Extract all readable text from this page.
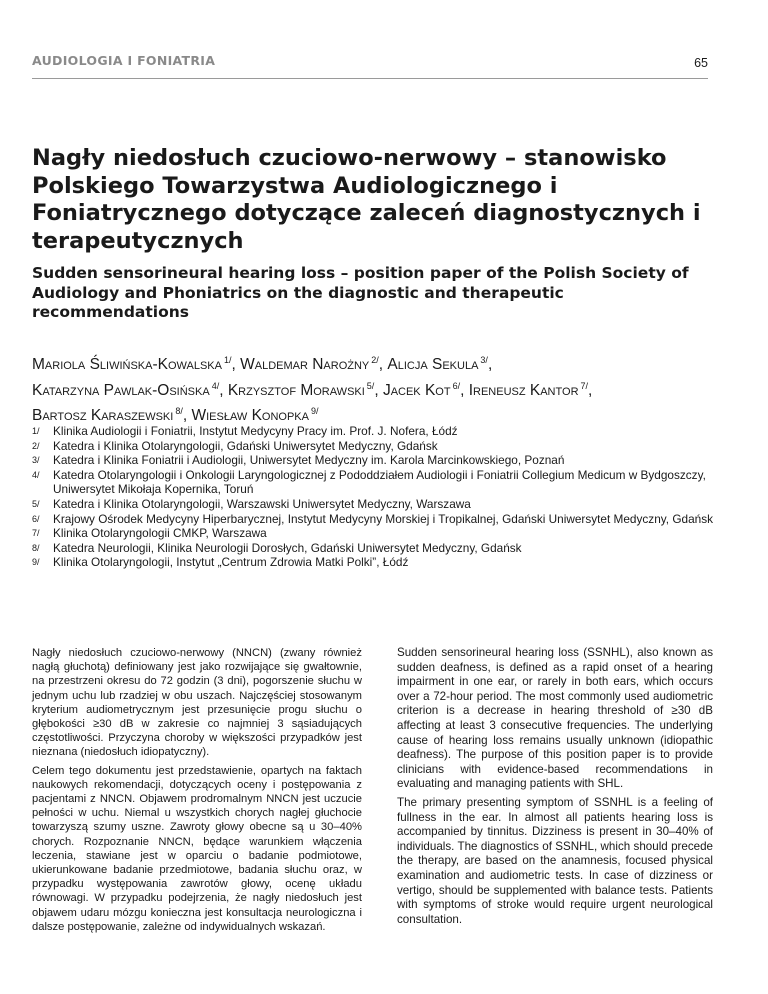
AUDIOLOGIA I FONIATRIA	65
Nagły niedosłuch czuciowo-nerwowy – stanowisko Polskiego Towarzystwa Audiologicznego i Foniatrycznego dotyczące zaleceń diagnostycznych i terapeutycznych
Sudden sensorineural hearing loss – position paper of the Polish Society of Audiology and Phoniatrics on the diagnostic and therapeutic recommendations
Mariola Śliwińska-Kowalska $^{1/}$, Waldemar Narożny $^{2/}$, Alicja Sekula $^{3/}$,
Katarzyna Pawlak-Osińska $^{4/}$, Krzysztof Morawski $^{5/}$, Jacek Kot $^{6/}$, Ireneusz Kantor $^{7/}$,
Bartosz Karaszewski $^{8/}$, Wiesław Konopka $^{9/}$
1/ Klinika Audiologii i Foniatrii, Instytut Medycyny Pracy im. Prof. J. Nofera, Łódź
2/ Katedra i Klinika Otolaryngologii, Gdański Uniwersytet Medyczny, Gdańsk
3/ Katedra i Klinika Foniatrii i Audiologii, Uniwersytet Medyczny im. Karola Marcinkowskiego, Poznań
4/ Katedra Otolaryngologii i Onkologii Laryngologicznej z Pododdziałem Audiologii i Foniatrii Collegium Medicum w Bydgoszczy, Uniwersytet Mikołaja Kopernika, Toruń
5/ Katedra i Klinika Otolaryngologii, Warszawski Uniwersytet Medyczny, Warszawa
6/ Krajowy Ośrodek Medycyny Hiperbarycznej, Instytut Medycyny Morskiej i Tropikalnej, Gdański Uniwersytet Medyczny, Gdańsk
7/ Klinika Otolaryngologii CMKP, Warszawa
8/ Katedra Neurologii, Klinika Neurologii Dorosłych, Gdański Uniwersytet Medyczny, Gdańsk
9/ Klinika Otolaryngologii, Instytut „Centrum Zdrowia Matki Polki”, Łódź

Nagły niedosłuch czuciowo-nerwowy (NNCN) (zwany również nagłą głuchotą) definiowany jest jako rozwijające się gwałtownie, na przestrzeni okresu do 72 godzin (3 dni), pogorszenie słuchu w jednym uchu lub rzadziej w obu uszach. Najczęściej stosowanym kryterium audiometrycznym jest przesunięcie progu słuchu o głębokości ≥30 dB w zakresie co najmniej 3 sąsiadujących częstotliwości. Przyczyna choroby w większości przypadków jest nieznana (niedosłuch idiopatyczny).

Celem tego dokumentu jest przedstawienie, opartych na faktach naukowych rekomendacji, dotyczących oceny i postępowania z pacjentami z NNCN. Objawem prodromalnym NNCN jest uczucie pełności w uchu. Niemal u wszystkich chorych nagłej głuchocie towarzyszą szumy uszne. Zawroty głowy obecne są u 30–40% chorych. Rozpoznanie NNCN, będące warunkiem włączenia leczenia, stawiane jest w oparciu o badanie podmiotowe, ukierunkowane badanie przedmiotowe, badania słuchu oraz, w przypadku występowania zawrotów głowy, ocenę układu równowagi. W przypadku podejrzenia, że nagły niedosłuch jest objawem udaru mózgu konieczna jest konsultacja neurologiczna i dalsze postępowanie, zależne od indywidualnych wskazań.

Sudden sensorineural hearing loss (SSNHL), also known as sudden deafness, is defined as a rapid onset of a hearing impairment in one ear, or rarely in both ears, which occurs over a 72-hour period. The most commonly used audiometric criterion is a decrease in hearing threshold of ≥30 dB affecting at least 3 consecutive frequencies. The underlying cause of hearing loss remains usually unknown (idiopathic deafness). The purpose of this position paper is to provide clinicians with evidence-based recommendations in evaluating and managing patients with SHL.

The primary presenting symptom of SSNHL is a feeling of fullness in the ear. In almost all patients hearing loss is accompanied by tinnitus. Dizziness is present in 30–40% of individuals. The diagnostics of SSNHL, which should precede the therapy, are based on the anamnesis, focused physical examination and audiometric tests. In case of dizziness or vertigo, should be supplemented with balance tests. Patients with symptoms of stroke would require urgent neurological consultation.
